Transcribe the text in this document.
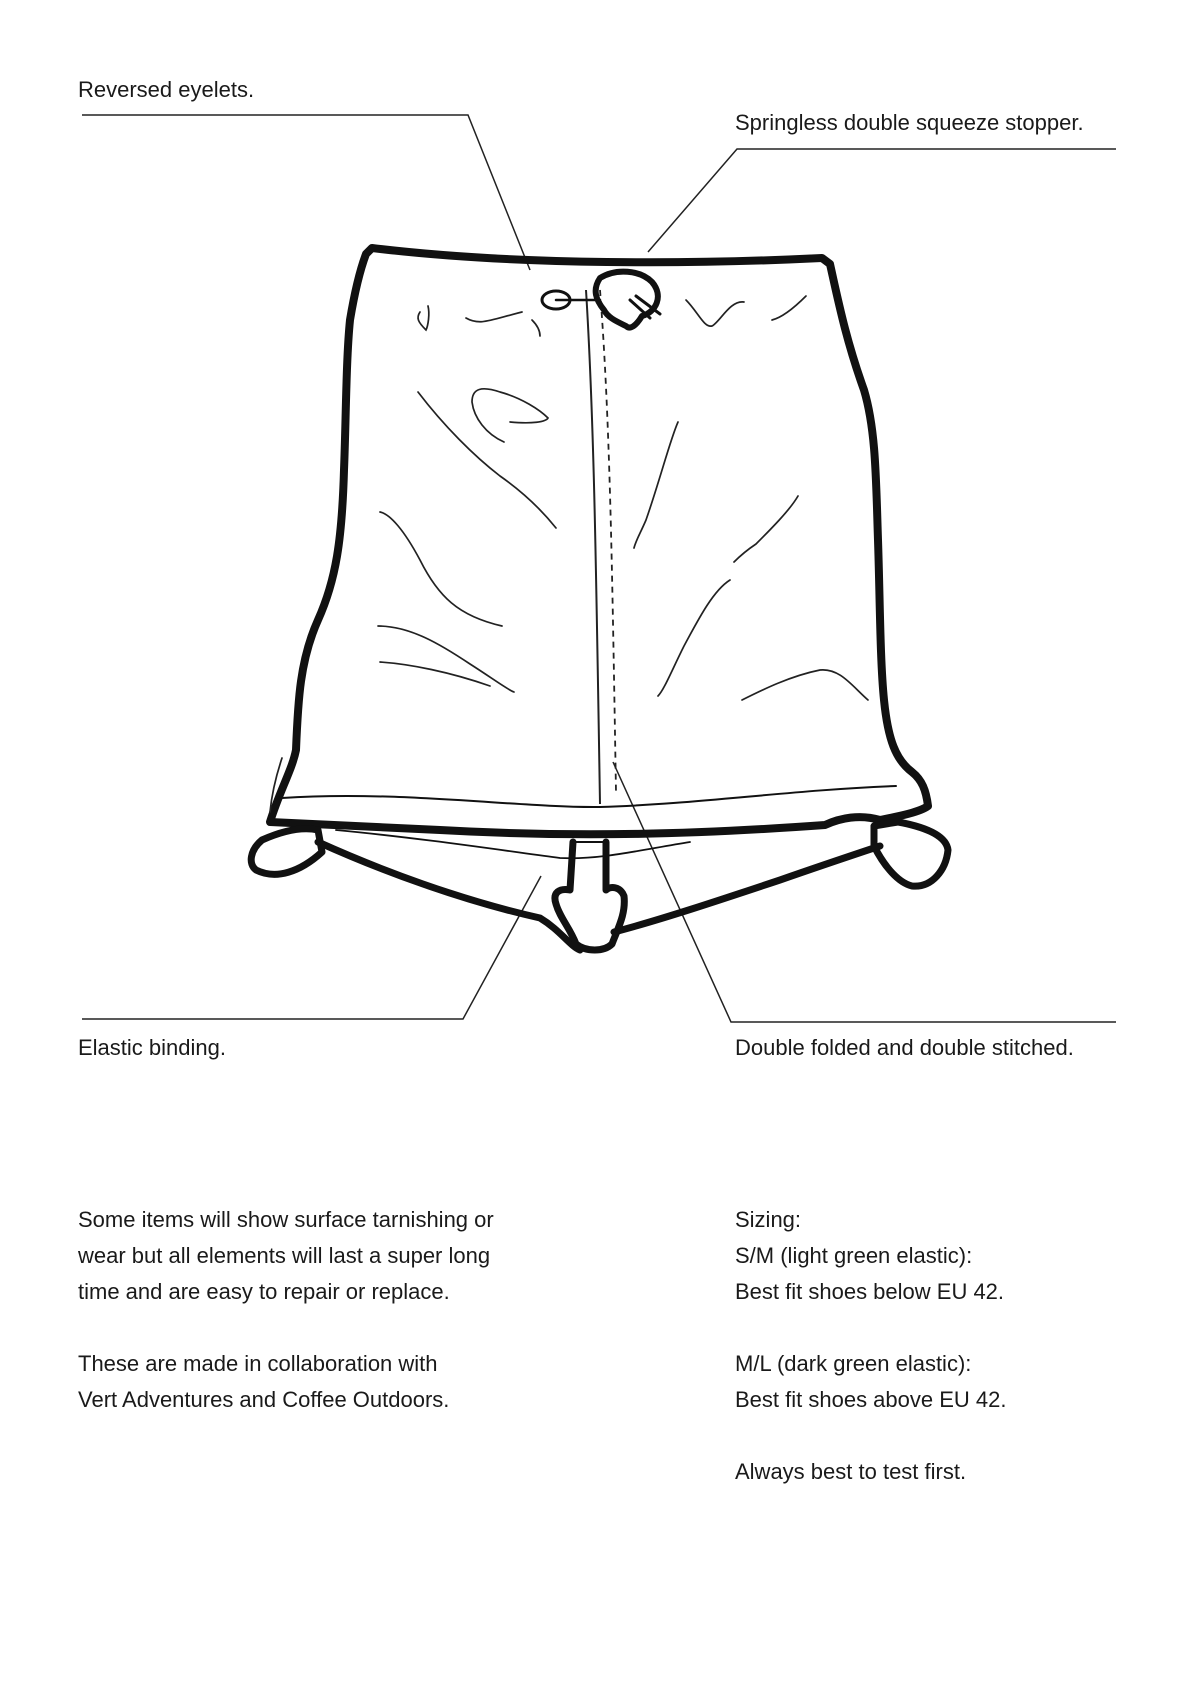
Reversed eyelets.
Springless double squeeze stopper.
Elastic binding.	Double folded and double stitched.

Some items will show surface tarnishing or wear but all elements will last a super long time and are easy to repair or replace.

These are made in collaboration with

Vert Adventures and Coffee Outdoors.

Sizing:

S/M (light green elastic):

Best fit shoes below EU 42.

M/L (dark green elastic):

Best fit shoes above EU 42.

Always best to test first.
